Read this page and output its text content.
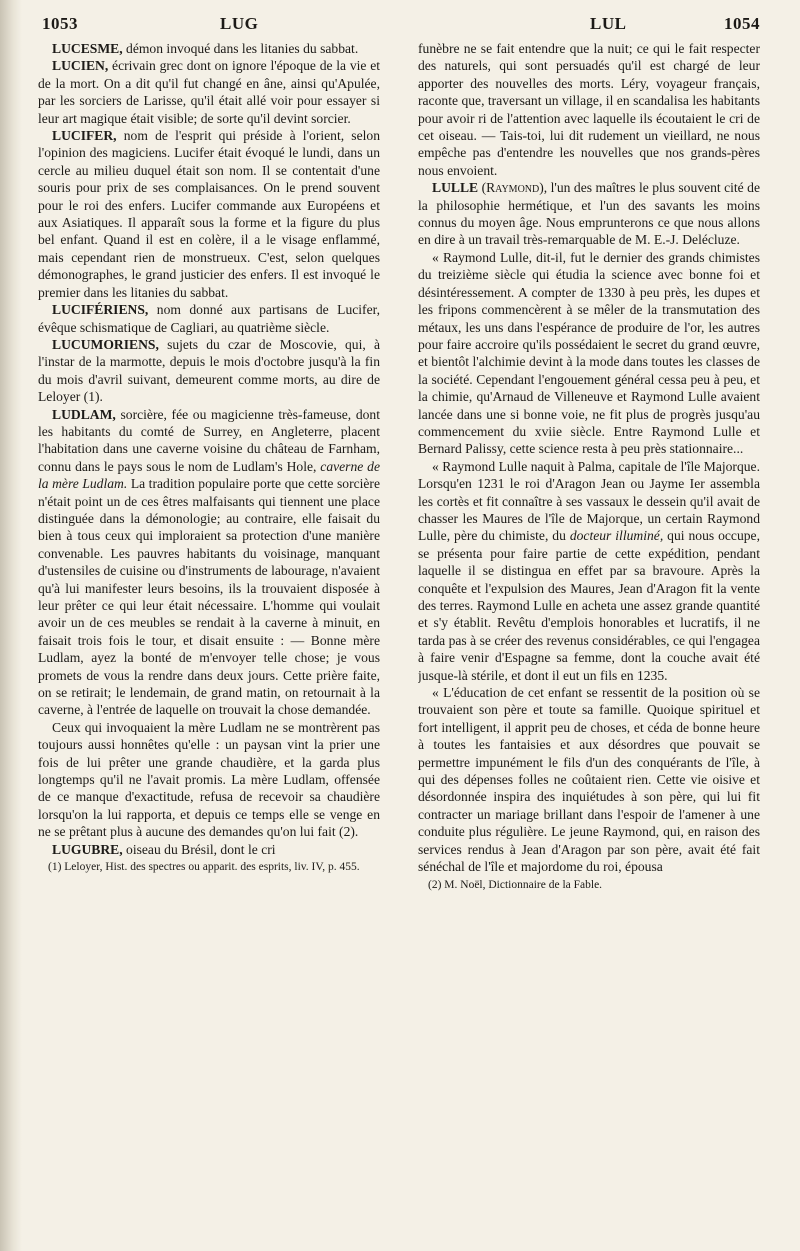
1053	LUG	LUL	1054

LUCESME, démon invoqué dans les litanies du sabbat.

LUCIEN, écrivain grec dont on ignore l'époque de la vie et de la mort. On a dit qu'il fut changé en âne, ainsi qu'Apulée, par les sorciers de Larisse, qu'il était allé voir pour essayer si leur art magique était visible; de sorte qu'il devint sorcier.

LUCIFER, nom de l'esprit qui préside à l'orient, selon l'opinion des magiciens. Lucifer était évoqué le lundi, dans un cercle au milieu duquel était son nom. Il se contentait d'une souris pour prix de ses complaisances. On le prend souvent pour le roi des enfers. Lucifer commande aux Européens et aux Asiatiques. Il apparaît sous la forme et la figure du plus bel enfant. Quand il est en colère, il a le visage enflammé, mais cependant rien de monstrueux. C'est, selon quelques démonographes, le grand justicier des enfers. Il est invoqué le premier dans les litanies du sabbat.

LUCIFÉRIENS, nom donné aux partisans de Lucifer, évêque schismatique de Cagliari, au quatrième siècle.

LUCUMORIENS, sujets du czar de Moscovie, qui, à l'instar de la marmotte, depuis le mois d'octobre jusqu'à la fin du mois d'avril suivant, demeurent comme morts, au dire de Leloyer (1).

LUDLAM, sorcière, fée ou magicienne très-fameuse, dont les habitants du comté de Surrey, en Angleterre, placent l'habitation dans une caverne voisine du château de Farnham, connu dans le pays sous le nom de Ludlam's Hole, caverne de la mère Ludlam. La tradition populaire porte que cette sorcière n'était point un de ces êtres malfaisants qui tiennent une place distinguée dans la démonologie; au contraire, elle faisait du bien à tous ceux qui imploraient sa protection d'une manière convenable. Les pauvres habitants du voisinage, manquant d'ustensiles de cuisine ou d'instruments de labourage, n'avaient qu'à lui manifester leurs besoins, ils la trouvaient disposée à leur prêter ce qui leur était nécessaire. L'homme qui voulait avoir un de ces meubles se rendait à la caverne à minuit, en faisait trois fois le tour, et disait ensuite : — Bonne mère Ludlam, ayez la bonté de m'envoyer telle chose; je vous promets de vous la rendre dans deux jours. Cette prière faite, on se retirait; le lendemain, de grand matin, on retournait à la caverne, à l'entrée de laquelle on trouvait la chose demandée.

Ceux qui invoquaient la mère Ludlam ne se montrèrent pas toujours aussi honnêtes qu'elle : un paysan vint la prier une fois de lui prêter une grande chaudière, et la garda plus longtemps qu'il ne l'avait promis. La mère Ludlam, offensée de ce manque d'exactitude, refusa de recevoir sa chaudière lorsqu'on la lui rapporta, et depuis ce temps elle se venge en ne se prêtant plus à aucune des demandes qu'on lui fait (2).

LUGUBRE, oiseau du Brésil, dont le cri

(1) Leloyer, Hist. des spectres ou apparit. des esprits, liv. IV, p. 455.

funèbre ne se fait entendre que la nuit; ce qui le fait respecter des naturels, qui sont persuadés qu'il est chargé de leur apporter des nouvelles des morts. Léry, voyageur français, raconte que, traversant un village, il en scandalisa les habitants pour avoir ri de l'attention avec laquelle ils écoutaient le cri de cet oiseau. — Tais-toi, lui dit rudement un vieillard, ne nous empêche pas d'entendre les nouvelles que nos grands-pères nous envoient.

LULLE (Raymond), l'un des maîtres le plus souvent cité de la philosophie hermétique, et l'un des savants les moins connus du moyen âge. Nous emprunterons ce que nous allons en dire à un travail très-remarquable de M. E.-J. Delécluze.

« Raymond Lulle, dit-il, fut le dernier des grands chimistes du treizième siècle qui étudia la science avec bonne foi et désintéressement. A compter de 1330 à peu près, les dupes et les fripons commencèrent à se mêler de la transmutation des métaux, les uns dans l'espérance de produire de l'or, les autres pour faire accroire qu'ils possédaient le secret du grand œuvre, et bientôt l'alchimie devint à la mode dans toutes les classes de la société. Cependant l'engouement général cessa peu à peu, et la chimie, qu'Arnaud de Villeneuve et Raymond Lulle avaient lancée dans une si bonne voie, ne fit plus de progrès jusqu'au commencement du xviie siècle. Entre Raymond Lulle et Bernard Palissy, cette science resta à peu près stationnaire...

« Raymond Lulle naquit à Palma, capitale de l'île Majorque. Lorsqu'en 1231 le roi d'Aragon Jean ou Jayme Ier assembla les cortès et fit connaître à ses vassaux le dessein qu'il avait de chasser les Maures de l'île de Majorque, un certain Raymond Lulle, père du chimiste, du docteur illuminé, qui nous occupe, se présenta pour faire partie de cette expédition, pendant laquelle il se distingua en effet par sa bravoure. Après la conquête et l'expulsion des Maures, Jean d'Aragon fit la vente des terres. Raymond Lulle en acheta une assez grande quantité et s'y établit. Revêtu d'emplois honorables et lucratifs, il ne tarda pas à se créer des revenus considérables, ce qui l'engagea à faire venir d'Espagne sa femme, dont la couche avait été jusque-là stérile, et dont il eut un fils en 1235.

« L'éducation de cet enfant se ressentit de la position où se trouvaient son père et toute sa famille. Quoique spirituel et fort intelligent, il apprit peu de choses, et céda de bonne heure à toutes les fantaisies et aux désordres que pouvait se permettre impunément le fils d'un des conquérants de l'île, à qui des dépenses folles ne coûtaient rien. Cette vie oisive et désordonnée inspira des inquiétudes à son père, qui lui fit contracter un mariage brillant dans l'espoir de l'amener à une conduite plus régulière. Le jeune Raymond, qui, en raison des services rendus à Jean d'Aragon par son père, avait été fait sénéchal de l'île et majordome du roi, épousa

(2) M. Noël, Dictionnaire de la Fable.
